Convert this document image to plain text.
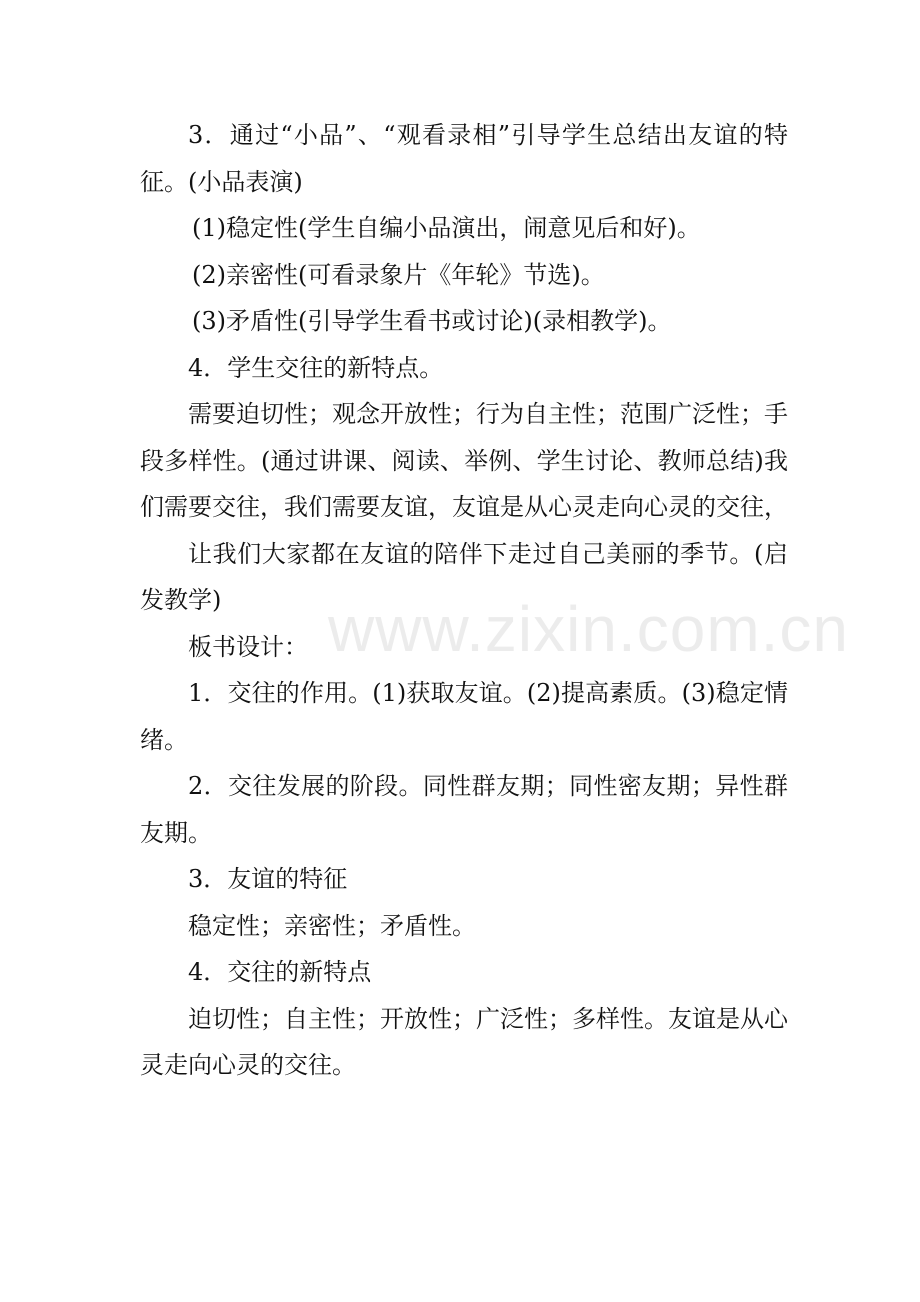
3．通过“小品”、“观看录相”引导学生总结出友谊的特征。(小品表演)

(1)稳定性(学生自编小品演出，闹意见后和好)。

(2)亲密性(可看录象片《年轮》节选)。

(3)矛盾性(引导学生看书或讨论)(录相教学)。

4．学生交往的新特点。

需要迫切性；观念开放性；行为自主性；范围广泛性；手段多样性。(通过讲课、阅读、举例、学生讨论、教师总结)我们需要交往，我们需要友谊，友谊是从心灵走向心灵的交往，

让我们大家都在友谊的陪伴下走过自己美丽的季节。(启发教学)

板书设计：

1．交往的作用。(1)获取友谊。(2)提高素质。(3)稳定情绪。

2．交往发展的阶段。同性群友期；同性密友期；异性群友期。

3．友谊的特征

稳定性；亲密性；矛盾性。

4．交往的新特点

迫切性；自主性；开放性；广泛性；多样性。友谊是从心灵走向心灵的交往。

www.zixin.com.cn
